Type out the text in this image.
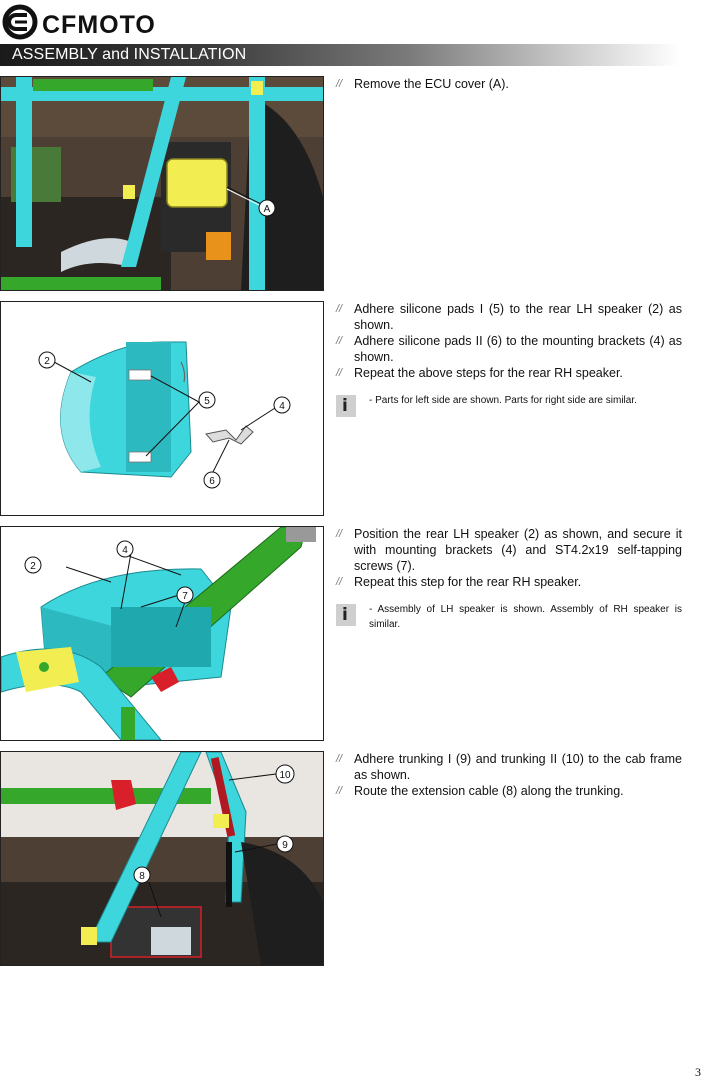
CFMOTO
ASSEMBLY and INSTALLATION
A

// Remove the ECU cover (A).

2
5	4
6

// Adhere silicone pads I (5) to the rear LH speaker (2) as shown.

// Adhere silicone pads II (6) to the mounting brackets (4) as shown.

// Repeat the above steps for the rear RH speaker.

i - Parts for left side are shown. Parts for right side are similar.
2
4
7

// Position the rear LH speaker (2) as shown, and secure it with mounting brackets (4) and ST4.2x19 self-tapping screws (7).

// Repeat this step for the rear RH speaker.

i - Assembly of LH speaker is shown. Assembly of RH speaker is similar.
10
9
8

// Adhere trunking I (9) and trunking II (10) to the cab frame as shown.

// Route the extension cable (8) along the trunking.

3
